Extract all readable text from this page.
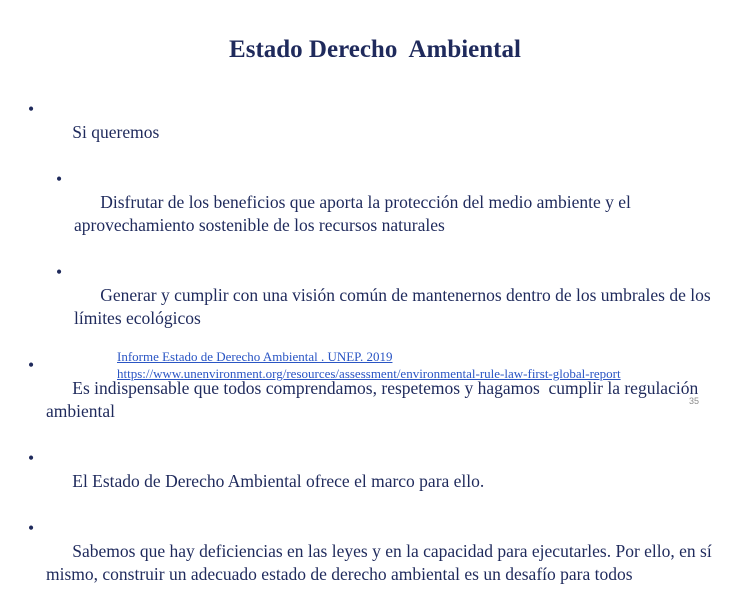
Estado Derecho  Ambiental

•
Si queremos

•
Disfrutar de los beneficios que aporta la protección del medio ambiente y el aprovechamiento sostenible de los recursos naturales

•
Generar y cumplir con una visión común de mantenernos dentro de los umbrales de los límites ecológicos

•
Es indispensable que todos comprendamos, respetemos y hagamos  cumplir la regulación ambiental

•
El Estado de Derecho Ambiental ofrece el marco para ello.

•
Sabemos que hay deficiencias en las leyes y en la capacidad para ejecutarles. Por ello, en sí mismo, construir un adecuado estado de derecho ambiental es un desafío para todos

Informe Estado de Derecho Ambiental . UNEP. 2019
https://www.unenvironment.org/resources/assessment/environmental-rule-law-first-global-report
35
